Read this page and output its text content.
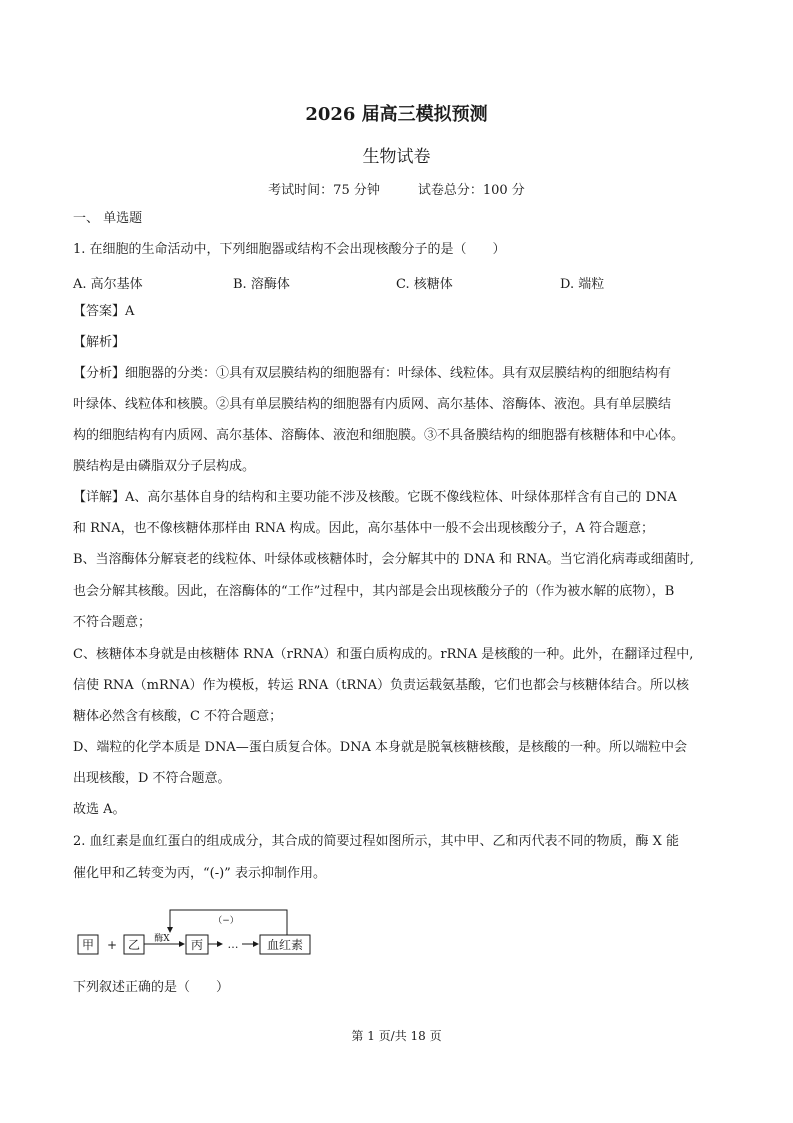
2026 届高三模拟预测
生物试卷
考试时间：75 分钟	试卷总分：100 分
一、 单选题
1. 在细胞的生命活动中，下列细胞器或结构不会出现核酸分子的是（　　）
A. 高尔基体	B. 溶酶体	C. 核糖体	D. 端粒
【答案】A
【解析】
【分析】细胞器的分类：①具有双层膜结构的细胞器有：叶绿体、线粒体。具有双层膜结构的细胞结构有
叶绿体、线粒体和核膜。②具有单层膜结构的细胞器有内质网、高尔基体、溶酶体、液泡。具有单层膜结
构的细胞结构有内质网、高尔基体、溶酶体、液泡和细胞膜。③不具备膜结构的细胞器有核糖体和中心体。
膜结构是由磷脂双分子层构成。
【详解】A、高尔基体自身的结构和主要功能不涉及核酸。它既不像线粒体、叶绿体那样含有自己的 DNA
和 RNA，也不像核糖体那样由 RNA 构成。因此，高尔基体中一般不会出现核酸分子，A 符合题意；
B、当溶酶体分解衰老的线粒体、叶绿体或核糖体时，会分解其中的 DNA 和 RNA。当它消化病毒或细菌时,
也会分解其核酸。因此，在溶酶体的“工作”过程中，其内部是会出现核酸分子的（作为被水解的底物），B
不符合题意；
C、核糖体本身就是由核糖体 RNA（rRNA）和蛋白质构成的。rRNA 是核酸的一种。此外，在翻译过程中,
信使 RNA（mRNA）作为模板，转运 RNA（tRNA）负责运载氨基酸，它们也都会与核糖体结合。所以核
糖体必然含有核酸，C 不符合题意；
D、端粒的化学本质是 DNA—蛋白质复合体。DNA 本身就是脱氧核糖核酸，是核酸的一种。所以端粒中会
出现核酸，D 不符合题意。
故选 A。
2. 血红素是血红蛋白的组成成分，其合成的简要过程如图所示，其中甲、乙和丙代表不同的物质，酶 X 能
催化甲和乙转变为丙，“(-)” 表示抑制作用。
（−）
甲 + 乙 酶X 丙 … 血红素
下列叙述正确的是（　　）
第 1 页/共 18 页
